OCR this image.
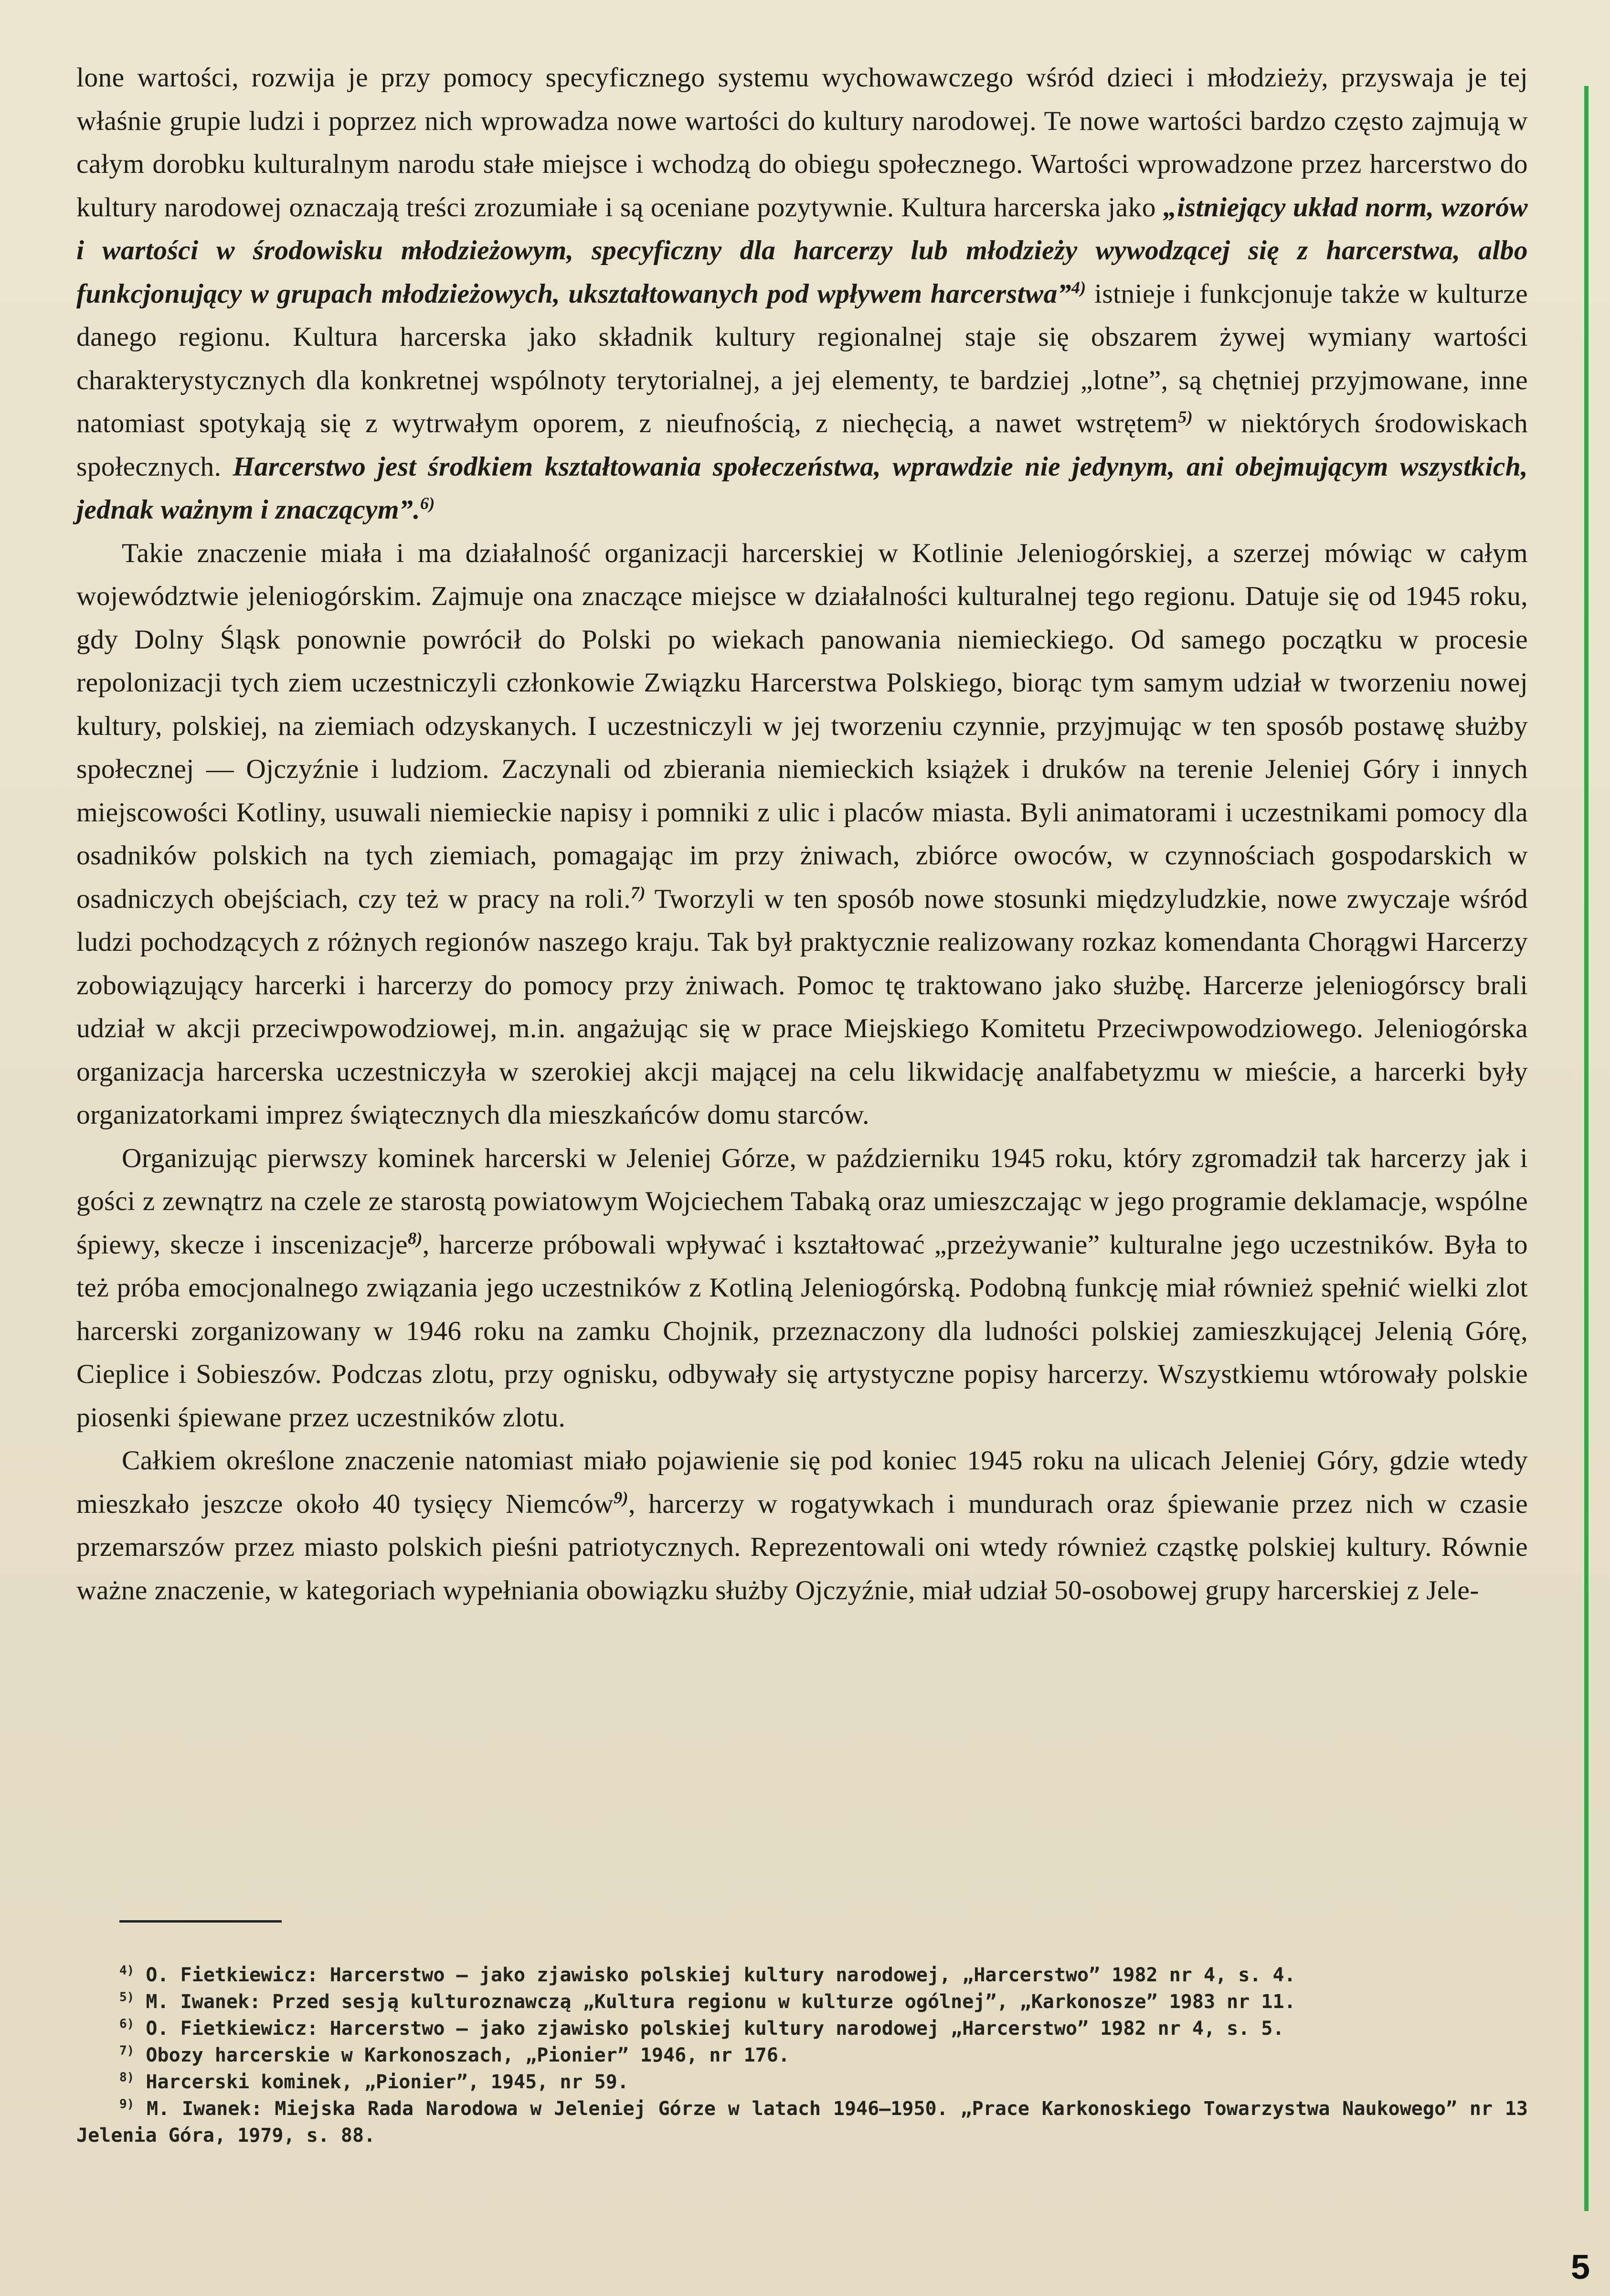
lone wartości, rozwija je przy pomocy specyficznego systemu wychowawczego wśród dzieci i młodzieży, przyswaja je tej właśnie grupie ludzi i poprzez nich wprowadza nowe wartości do kultury narodowej. Te nowe wartości bardzo często zajmują w całym dorobku kulturalnym narodu stałe miejsce i wchodzą do obiegu społecznego. Wartości wprowadzone przez harcerstwo do kultury narodowej oznaczają treści zrozumiałe i są oceniane pozytywnie. Kultura harcerska jako „istniejący układ norm, wzorów i wartości w środowisku młodzieżowym, specyficzny dla harcerzy lub młodzieży wywodzącej się z harcerstwa, albo funkcjonujący w grupach młodzieżowych, ukształtowanych pod wpływem harcerstwa”$^{4)}$ istnieje i funkcjonuje także w kulturze danego regionu. Kultura harcerska jako składnik kultury regionalnej staje się obszarem żywej wymiany wartości charakterystycznych dla konkretnej wspólnoty terytorialnej, a jej elementy, te bardziej „lotne”, są chętniej przyjmowane, inne natomiast spotykają się z wytrwałym oporem, z nieufnością, z niechęcią, a nawet wstrętem$^{5)}$ w niektórych środowiskach społecznych. Harcerstwo jest środkiem kształtowania społeczeństwa, wprawdzie nie jedynym, ani obejmującym wszystkich, jednak ważnym i znaczącym”.$^{6)}$

Takie znaczenie miała i ma działalność organizacji harcerskiej w Kotlinie Jeleniogórskiej, a szerzej mówiąc w całym województwie jeleniogórskim. Zajmuje ona znaczące miejsce w działalności kulturalnej tego regionu. Datuje się od 1945 roku, gdy Dolny Śląsk ponownie powrócił do Polski po wiekach panowania niemieckiego. Od samego początku w procesie repolonizacji tych ziem uczestniczyli członkowie Związku Harcerstwa Polskiego, biorąc tym samym udział w tworzeniu nowej kultury, polskiej, na ziemiach odzyskanych. I uczestniczyli w jej tworzeniu czynnie, przyjmując w ten sposób postawę służby społecznej — Ojczyźnie i ludziom. Zaczynali od zbierania niemieckich książek i druków na terenie Jeleniej Góry i innych miejscowości Kotliny, usuwali niemieckie napisy i pomniki z ulic i placów miasta. Byli animatorami i uczestnikami pomocy dla osadników polskich na tych ziemiach, pomagając im przy żniwach, zbiórce owoców, w czynnościach gospodarskich w osadniczych obejściach, czy też w pracy na roli.$^{7)}$ Tworzyli w ten sposób nowe stosunki międzyludzkie, nowe zwyczaje wśród ludzi pochodzących z różnych regionów naszego kraju. Tak był praktycznie realizowany rozkaz komendanta Chorągwi Harcerzy zobowiązujący harcerki i harcerzy do pomocy przy żniwach. Pomoc tę traktowano jako służbę. Harcerze jeleniogórscy brali udział w akcji przeciwpowodziowej, m.in. angażując się w prace Miejskiego Komitetu Przeciwpowodziowego. Jeleniogórska organizacja harcerska uczestniczyła w szerokiej akcji mającej na celu likwidację analfabetyzmu w mieście, a harcerki były organizatorkami imprez świątecznych dla mieszkańców domu starców.

Organizując pierwszy kominek harcerski w Jeleniej Górze, w październiku 1945 roku, który zgromadził tak harcerzy jak i gości z zewnątrz na czele ze starostą powiatowym Wojciechem Tabaką oraz umieszczając w jego programie deklamacje, wspólne śpiewy, skecze i inscenizacje$^{8)}$, harcerze próbowali wpływać i kształtować „przeżywanie” kulturalne jego uczestników. Była to też próba emocjonalnego związania jego uczestników z Kotliną Jeleniogórską. Podobną funkcję miał również spełnić wielki zlot harcerski zorganizowany w 1946 roku na zamku Chojnik, przeznaczony dla ludności polskiej zamieszkującej Jelenią Górę, Cieplice i Sobieszów. Podczas zlotu, przy ognisku, odbywały się artystyczne popisy harcerzy. Wszystkiemu wtórowały polskie piosenki śpiewane przez uczestników zlotu.

Całkiem określone znaczenie natomiast miało pojawienie się pod koniec 1945 roku na ulicach Jeleniej Góry, gdzie wtedy mieszkało jeszcze około 40 tysięcy Niemców$^{9)}$, harcerzy w rogatywkach i mundurach oraz śpiewanie przez nich w czasie przemarszów przez miasto polskich pieśni patriotycznych. Reprezentowali oni wtedy również cząstkę polskiej kultury. Równie ważne znaczenie, w kategoriach wypełniania obowiązku służby Ojczyźnie, miał udział 50-osobowej grupy harcerskiej z Jele-

$^{4)}$ O. Fietkiewicz: Harcerstwo — jako zjawisko polskiej kultury narodowej, „Harcerstwo” 1982 nr 4, s. 4.

$^{5)}$ M. Iwanek: Przed sesją kulturoznawczą „Kultura regionu w kulturze ogólnej”, „Karkonosze” 1983 nr 11.

$^{6)}$ O. Fietkiewicz: Harcerstwo — jako zjawisko polskiej kultury narodowej „Harcerstwo” 1982 nr 4, s. 5.

$^{7)}$ Obozy harcerskie w Karkonoszach, „Pionier” 1946, nr 176.

$^{8)}$ Harcerski kominek, „Pionier”, 1945, nr 59.

$^{9)}$ M. Iwanek: Miejska Rada Narodowa w Jeleniej Górze w latach 1946—1950. „Prace Karkonoskiego Towarzystwa Naukowego” nr 13 Jelenia Góra, 1979, s. 88.

5
